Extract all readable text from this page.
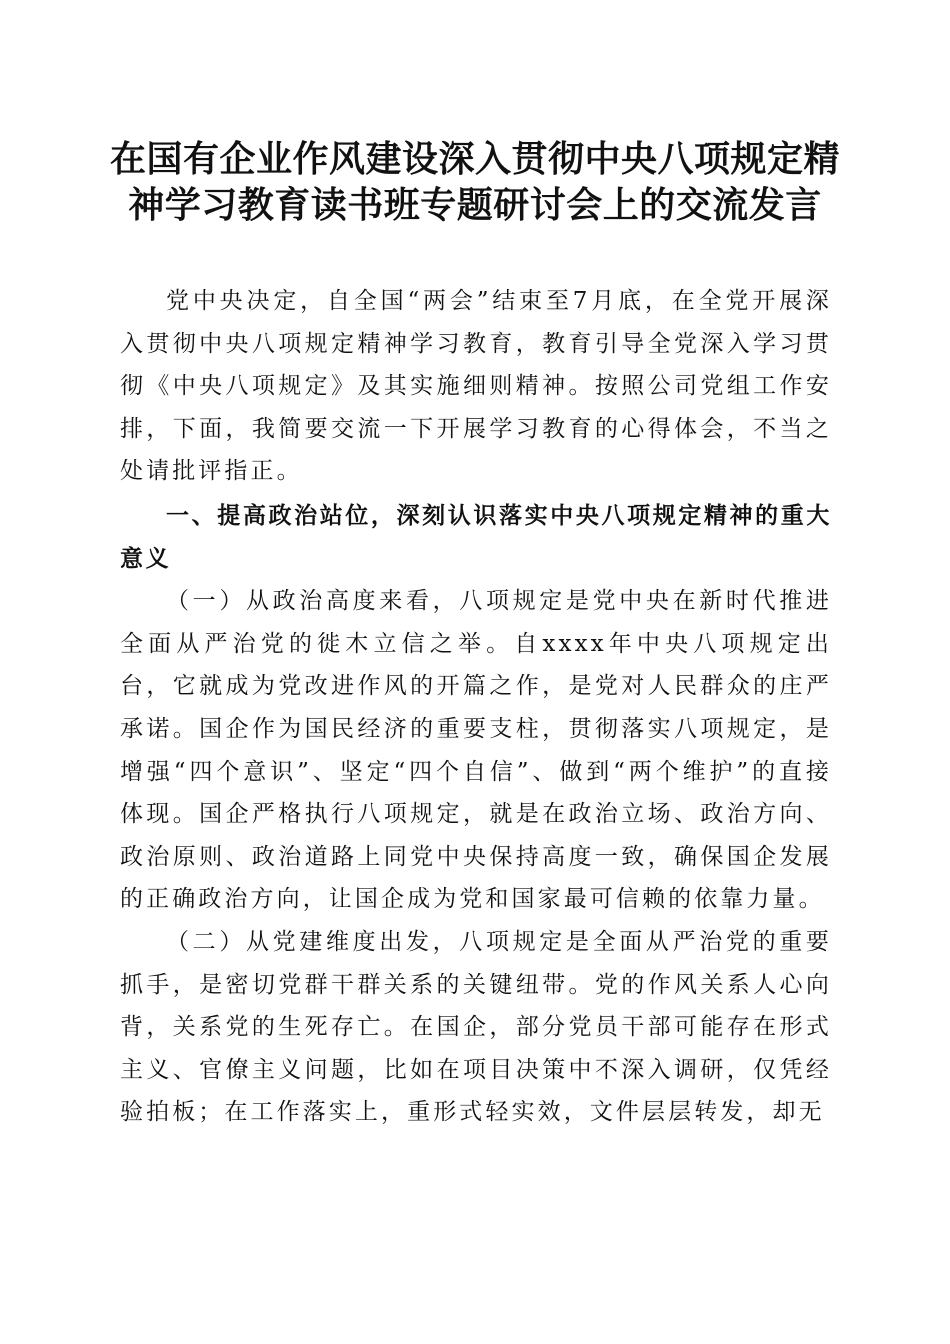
在国有企业作风建设深入贯彻中央八项规定精
神学习教育读书班专题研讨会上的交流发言

党中央决定，自全国“两会”结束至7月底，在全党开展深入贯彻中央八项规定精神学习教育，教育引导全党深入学习贯彻《中央八项规定》及其实施细则精神。按照公司党组工作安排，下面，我简要交流一下开展学习教育的心得体会，不当之处请批评指正。

一、提高政治站位，深刻认识落实中央八项规定精神的重大意义

（一）从政治高度来看，八项规定是党中央在新时代推进全面从严治党的徙木立信之举。自xxxx年中央八项规定出台，它就成为党改进作风的开篇之作，是党对人民群众的庄严承诺。国企作为国民经济的重要支柱，贯彻落实八项规定，是增强“四个意识”、坚定“四个自信”、做到“两个维护”的直接体现。国企严格执行八项规定，就是在政治立场、政治方向、政治原则、政治道路上同党中央保持高度一致，确保国企发展的正确政治方向，让国企成为党和国家最可信赖的依靠力量。

（二）从党建维度出发，八项规定是全面从严治党的重要抓手，是密切党群干群关系的关键纽带。党的作风关系人心向背，关系党的生死存亡。在国企，部分党员干部可能存在形式主义、官僚主义问题，比如在项目决策中不深入调研，仅凭经验拍板；在工作落实上，重形式轻实效，文件层层转发，却无
